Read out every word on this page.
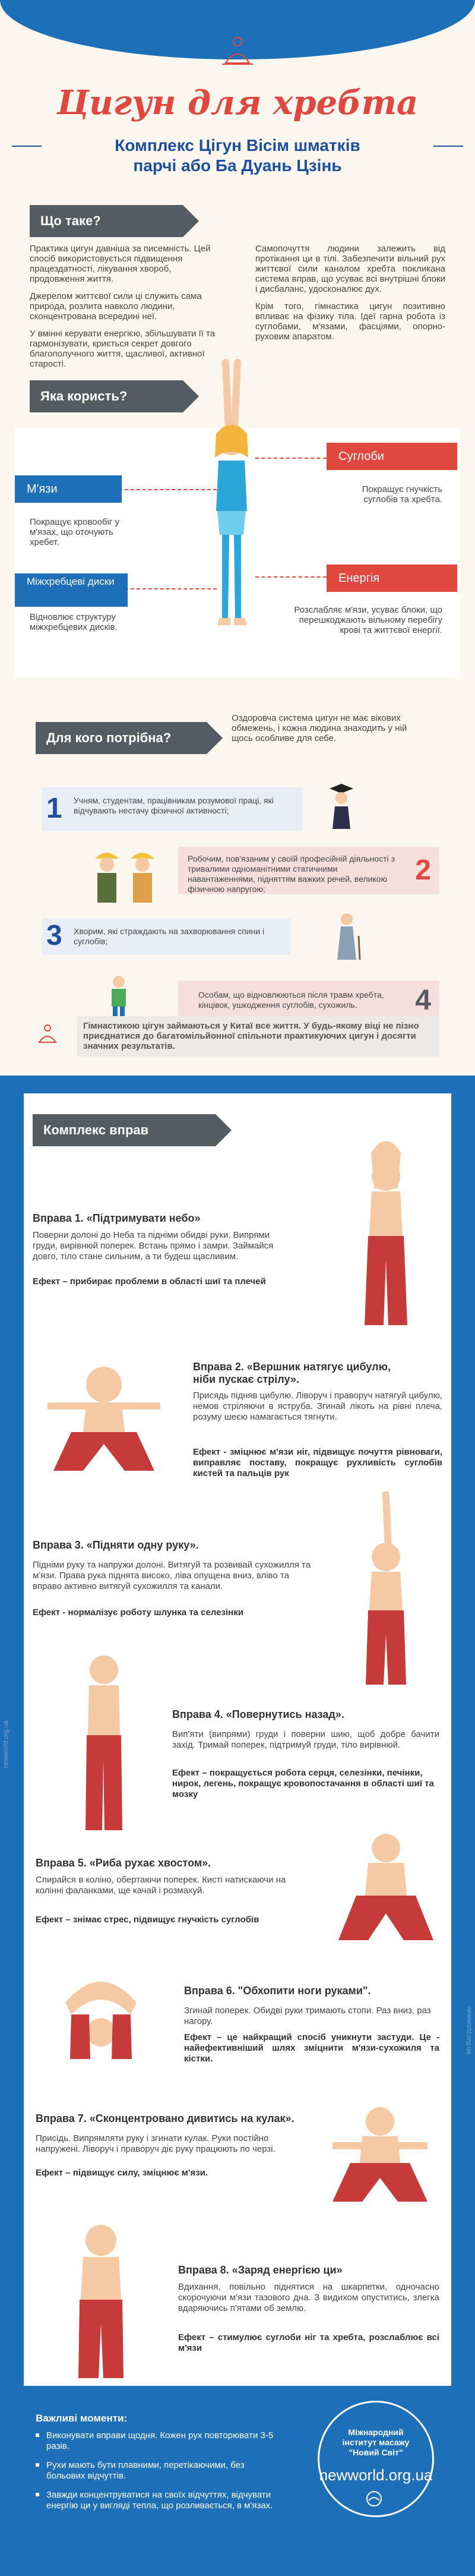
Цигун для хребта
Комплекс Цігун Вісім шматків
парчі або Ба Дуань Цзінь
Що таке?

Практика цигун давніша за писемність. Цей спосіб використовується підвищення працездатності, лікування хвороб, продовження життя.

Джерелом життєвої сили ці служить сама природа, розлита навколо людини, сконцентрована всередині неї.

У вмінні керувати енергією, збільшувати її та гармонізувати, криється секрет довгого благополучного життя, щасливої, активної старості.

Самопочуття людини залежить від протікання ци в тілі. Забезпечити вільний рух життєвої сили каналом хребта покликана система вправ, що усуває всі внутрішні блоки і дисбаланс, удосконалює дух.

Крім того, гімнастика цигун позитивно впливає на фізику тіла. Ідеї гарна робота із суглобами, м'язами, фасціями, опорно-руховим апаратом.

Яка користь?
М'язи
Покращує кровообіг у м'язах, що оточують хребет.
Міжхребцеві диски
Відновлює структуру міжхребцевих дисків.
Суглоби
Покращує гнучкість суглобів та хребта.
Енергія
Розслабляє м'язи, усуває блоки, що перешкоджають вільному перебігу крові та життєвої енергії.
Для кого потрібна?
Оздоровча система цигун не має вікових обмежень, і кожна людина знаходить у ній щось особливе для себе.
1	Учням, студентам, працівникам розумової праці, які відчувають нестачу фізичної активності;
Робочим, пов'язаним у своїй професійній діяльності з тривалими одноманітними статичними навантаженнями, підняттям важких речей, великою фізичною напругою;
2
3	Хворим, які страждають на захворювання спини і суглобів;
Особам, що відновлюються після травм хребта, кінцівок, ушкодження суглобів, сухожиль.	4
Гімнастикою цігун займаються у Китаї все життя. У будь-якому віці не пізно приєднатися до багатомільйонної спільноти практикуючих цигун і досягти значних результатів.
newworld.org.ua
newworld.org.ua
Комплекс вправ
Вправа 1. «Підтримувати небо»
Поверни долоні до Неба та підніми обидві руки. Випрями груди, вирівнюй поперек. Встань прямо і замри. Займайся довго, тіло стане сильним, а ти будеш щасливим.
Ефект – прибирає проблеми в області шиї та плечей
Вправа 2. «Вершник натягує цибулю, ніби пускає стрілу».
Присядь підняв цибулю. Ліворуч і праворуч натягуй цибулю, немов стріляючи в яструба. Згинай лікоть на рівні плеча, розуму шеєю намагається тягнути.
Ефект - зміцнює м'язи ніг, підвищує почуття рівноваги, виправляє поставу, покращує рухливість суглобів кистей та пальців рук
Вправа 3. «Підняти одну руку».
Підніми руку та напружи долоні. Витягуй та розвивай сухожилля та м'язи. Права рука піднята високо, ліва опущена вниз, вліво та вправо активно витягуй сухожилля та канали.
Ефект - нормалізує роботу шлунка та селезінки
Вправа 4. «Повернутись назад».
Вип'яти (випрями) груди і поверни шию, щоб добре бачити захід. Тримай поперек, підтримуй груди, тіло вирівнюй.
Ефект – покращується робота серця, селезінки, печінки, нирок, легень, покращує кровопостачання в області шиї та мозку
Вправа 5. «Риба рухає хвостом».
Спирайся в коліно, обертаючи поперек. Кисті натискаючи на колінні фаланками, ще качай і розмахуй.
Ефект – знімає стрес, підвищує гнучкість суглобів
Вправа 6. "Обхопити ноги руками".
Згинай поперек. Обидві руки тримають стопи. Раз вниз, раз нагору.
Ефект – це найкращий спосіб уникнути застуди. Це - найефективніший шлях зміцнити м'язи-сухожиля та кістки.
Вправа 7. «Сконцентровано дивитись на кулак».
Присідь. Випрямляти руку і згинати кулак. Руки постійно напружені. Ліворуч і праворуч діє руку працюють по черзі.
Ефект – підвищує силу, зміцнює м'язи.
Вправа 8. «Заряд енергією ци»
Вдихання, повільно піднятися на шкарпетки, одночасно скорочуючи м'язи тазового дна. З видихом опуститись, злегка вдаряючись п'ятами об землю.
Ефект – стимулює суглоби ніг та хребта, розслаблює всі м'язи
Важливі моменти:
Виконувати вправи щодня. Кожен рух повторювати 3-5 разів.
Рухи мають бути плавними, перетікаючими, без больових відчуттів.
Завжди концентруватися на своїх відчуттях, відчувати енергію ци у вигляді тепла, що розливається, в м'язах.
Міжнародний
інститут масажу
"Новий Світ"
newworld.org.ua
